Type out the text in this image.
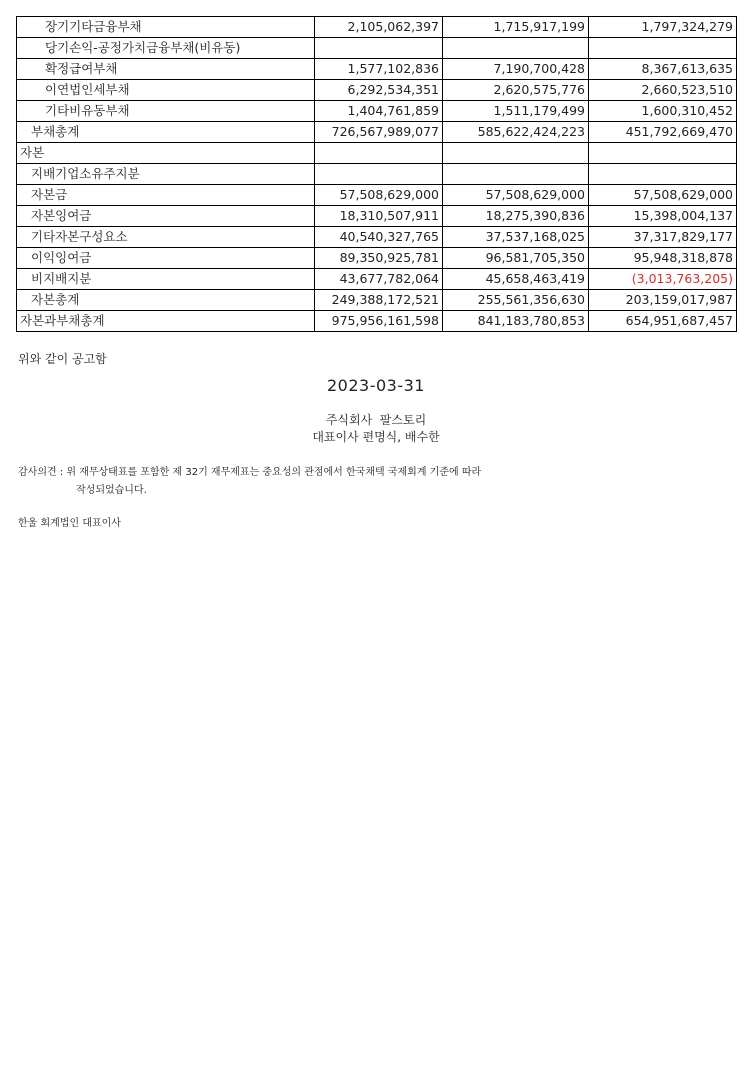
장기기타금융부채	2,105,062,397	1,715,917,199	1,797,324,279
당기손익-공정가치금융부채(비유동)			
확정급여부채	1,577,102,836	7,190,700,428	8,367,613,635
이연법인세부채	6,292,534,351	2,620,575,776	2,660,523,510
기타비유동부채	1,404,761,859	1,511,179,499	1,600,310,452
부채총계	726,567,989,077	585,622,424,223	451,792,669,470
자본			
지배기업소유주지분			
자본금	57,508,629,000	57,508,629,000	57,508,629,000
자본잉여금	18,310,507,911	18,275,390,836	15,398,004,137
기타자본구성요소	40,540,327,765	37,537,168,025	37,317,829,177
이익잉여금	89,350,925,781	96,581,705,350	95,948,318,878
비지배지분	43,677,782,064	45,658,463,419	(3,013,763,205)
자본총계	249,388,172,521	255,561,356,630	203,159,017,987
자본과부채총계	975,956,161,598	841,183,780,853	654,951,687,457
위와 같이 공고함
2023-03-31
주식회사  팔스토리
대표이사 편명식, 배수한
감사의견 : 위 재무상태표를 포함한 제 32기 재무제표는 중요성의 관점에서 한국채택 국제회계 기준에 따라
작성되었습니다.
한울 회계법인 대표이사
